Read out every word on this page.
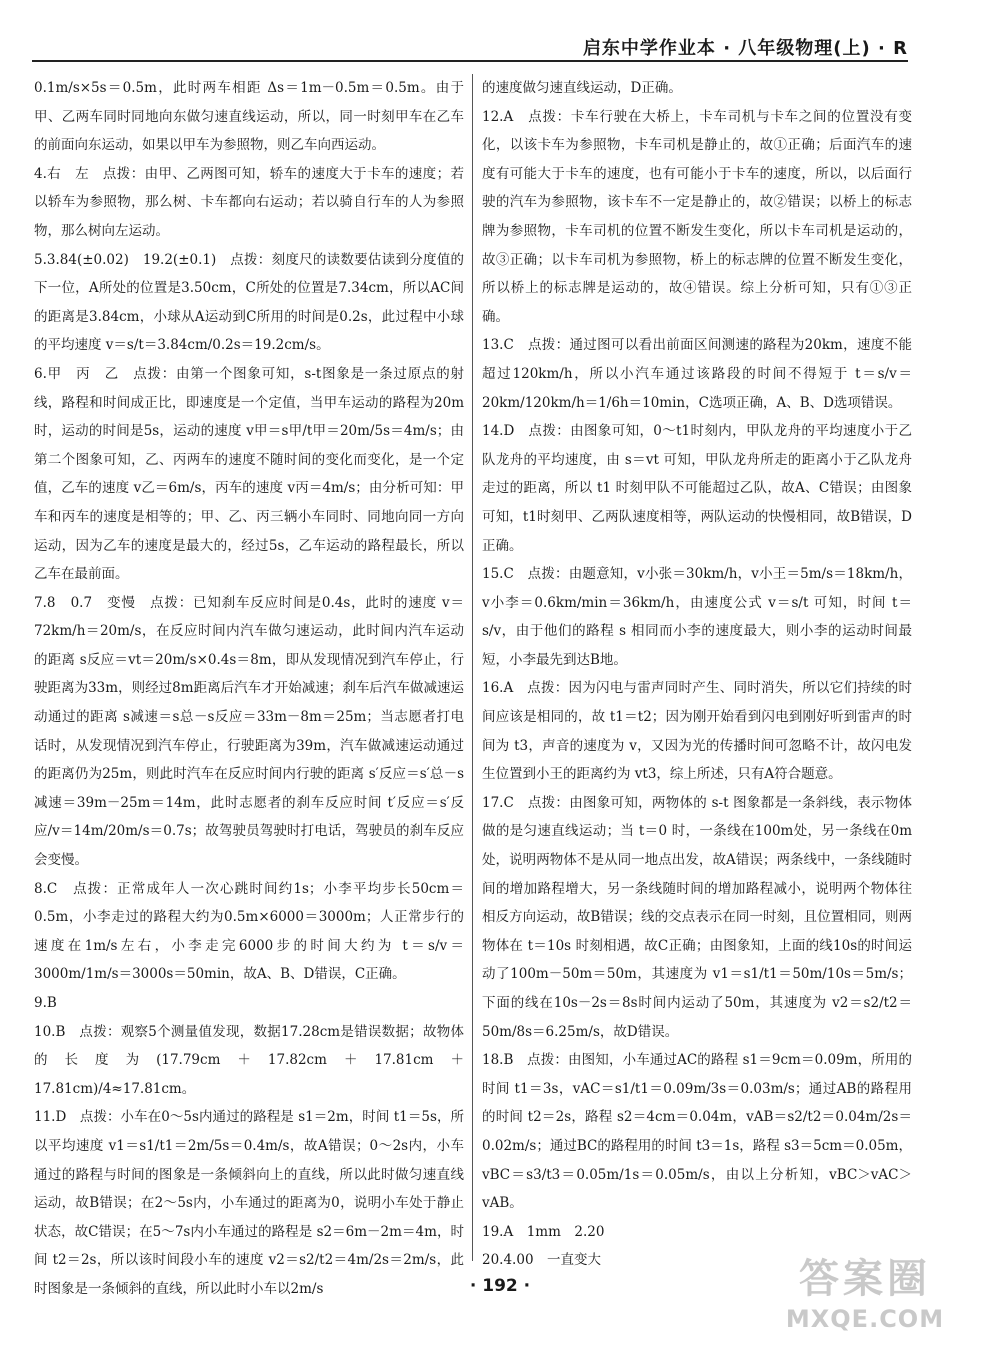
启东中学作业本 · 八年级物理(上) · R

0.1m/s×5s＝0.5m，此时两车相距 Δs＝1m－0.5m＝0.5m。由于甲、乙两车同时同地向东做匀速直线运动，所以，同一时刻甲车在乙车的前面向东运动，如果以甲车为参照物，则乙车向西运动。

4.右　左　点拨：由甲、乙两图可知，轿车的速度大于卡车的速度；若以轿车为参照物，那么树、卡车都向右运动；若以骑自行车的人为参照物，那么树向左运动。

5.3.84(±0.02)　19.2(±0.1)　点拨：刻度尺的读数要估读到分度值的下一位，A所处的位置是3.50cm，C所处的位置是7.34cm，所以AC间的距离是3.84cm，小球从A运动到C所用的时间是0.2s，此过程中小球的平均速度 v＝s/t＝3.84cm/0.2s＝19.2cm/s。

6.甲　丙　乙　点拨：由第一个图象可知，s-t图象是一条过原点的射线，路程和时间成正比，即速度是一个定值，当甲车运动的路程为20m时，运动的时间是5s，运动的速度 v甲＝s甲/t甲＝20m/5s＝4m/s；由第二个图象可知，乙、丙两车的速度不随时间的变化而变化，是一个定值，乙车的速度 v乙＝6m/s，丙车的速度 v丙＝4m/s；由分析可知：甲车和丙车的速度是相等的；甲、乙、丙三辆小车同时、同地向同一方向运动，因为乙车的速度是最大的，经过5s，乙车运动的路程最长，所以乙车在最前面。

7.8　0.7　变慢　点拨：已知刹车反应时间是0.4s，此时的速度 v＝72km/h＝20m/s，在反应时间内汽车做匀速运动，此时间内汽车运动的距离 s反应＝vt＝20m/s×0.4s＝8m，即从发现情况到汽车停止，行驶距离为33m，则经过8m距离后汽车才开始减速；刹车后汽车做减速运动通过的距离 s减速＝s总－s反应＝33m－8m＝25m；当志愿者打电话时，从发现情况到汽车停止，行驶距离为39m，汽车做减速运动通过的距离仍为25m，则此时汽车在反应时间内行驶的距离 s′反应＝s′总－s减速＝39m－25m＝14m，此时志愿者的刹车反应时间 t′反应＝s′反应/v＝14m/20m/s＝0.7s；故驾驶员驾驶时打电话，驾驶员的刹车反应会变慢。

8.C　点拨：正常成年人一次心跳时间约1s；小李平均步长50cm＝0.5m，小李走过的路程大约为0.5m×6000＝3000m；人正常步行的速度在1m/s左右，小李走完6000步的时间大约为 t＝s/v＝3000m/1m/s＝3000s＝50min，故A、B、D错误，C正确。

9.B

10.B　点拨：观察5个测量值发现，数据17.28cm是错误数据；故物体的长度为(17.79cm＋17.82cm＋17.81cm＋17.81cm)/4≈17.81cm。

11.D　点拨：小车在0～5s内通过的路程是 s1＝2m，时间 t1＝5s，所以平均速度 v1＝s1/t1＝2m/5s＝0.4m/s，故A错误；0～2s内，小车通过的路程与时间的图象是一条倾斜向上的直线，所以此时做匀速直线运动，故B错误；在2～5s内，小车通过的距离为0，说明小车处于静止状态，故C错误；在5～7s内小车通过的路程是 s2＝6m－2m＝4m，时间 t2＝2s，所以该时间段小车的速度 v2＝s2/t2＝4m/2s＝2m/s，此时图象是一条倾斜的直线，所以此时小车以2m/s

的速度做匀速直线运动，D正确。

12.A　点拨：卡车行驶在大桥上，卡车司机与卡车之间的位置没有变化，以该卡车为参照物，卡车司机是静止的，故①正确；后面汽车的速度有可能大于卡车的速度，也有可能小于卡车的速度，所以，以后面行驶的汽车为参照物，该卡车不一定是静止的，故②错误；以桥上的标志牌为参照物，卡车司机的位置不断发生变化，所以卡车司机是运动的，故③正确；以卡车司机为参照物，桥上的标志牌的位置不断发生变化，所以桥上的标志牌是运动的，故④错误。综上分析可知，只有①③正确。

13.C　点拨：通过图可以看出前面区间测速的路程为20km，速度不能超过120km/h，所以小汽车通过该路段的时间不得短于 t＝s/v＝20km/120km/h＝1/6h＝10min，C选项正确，A、B、D选项错误。

14.D　点拨：由图象可知，0～t1时刻内，甲队龙舟的平均速度小于乙队龙舟的平均速度，由 s＝vt 可知，甲队龙舟所走的距离小于乙队龙舟走过的距离，所以 t1 时刻甲队不可能超过乙队，故A、C错误；由图象可知，t1时刻甲、乙两队速度相等，两队运动的快慢相同，故B错误，D正确。

15.C　点拨：由题意知，v小张＝30km/h，v小王＝5m/s＝18km/h，v小李＝0.6km/min＝36km/h，由速度公式 v＝s/t 可知，时间 t＝s/v，由于他们的路程 s 相同而小李的速度最大，则小李的运动时间最短，小李最先到达B地。

16.A　点拨：因为闪电与雷声同时产生、同时消失，所以它们持续的时间应该是相同的，故 t1＝t2；因为刚开始看到闪电到刚好听到雷声的时间为 t3，声音的速度为 v，又因为光的传播时间可忽略不计，故闪电发生位置到小王的距离约为 vt3，综上所述，只有A符合题意。

17.C　点拨：由图象可知，两物体的 s-t 图象都是一条斜线，表示物体做的是匀速直线运动；当 t＝0 时，一条线在100m处，另一条线在0m处，说明两物体不是从同一地点出发，故A错误；两条线中，一条线随时间的增加路程增大，另一条线随时间的增加路程减小，说明两个物体往相反方向运动，故B错误；线的交点表示在同一时刻，且位置相同，则两物体在 t＝10s 时刻相遇，故C正确；由图象知，上面的线10s的时间运动了100m－50m＝50m，其速度为 v1＝s1/t1＝50m/10s＝5m/s；下面的线在10s－2s＝8s时间内运动了50m，其速度为 v2＝s2/t2＝50m/8s＝6.25m/s，故D错误。

18.B　点拨：由图知，小车通过AC的路程 s1＝9cm＝0.09m，所用的时间 t1＝3s，vAC＝s1/t1＝0.09m/3s＝0.03m/s；通过AB的路程用的时间 t2＝2s，路程 s2＝4cm＝0.04m，vAB＝s2/t2＝0.04m/2s＝0.02m/s；通过BC的路程用的时间 t3＝1s，路程 s3＝5cm＝0.05m，vBC＝s3/t3＝0.05m/1s＝0.05m/s，由以上分析知，vBC＞vAC＞vAB。

19.A　1mm　2.20

20.4.00　一直变大

· 192 ·	答案圈
MXQE.COM
